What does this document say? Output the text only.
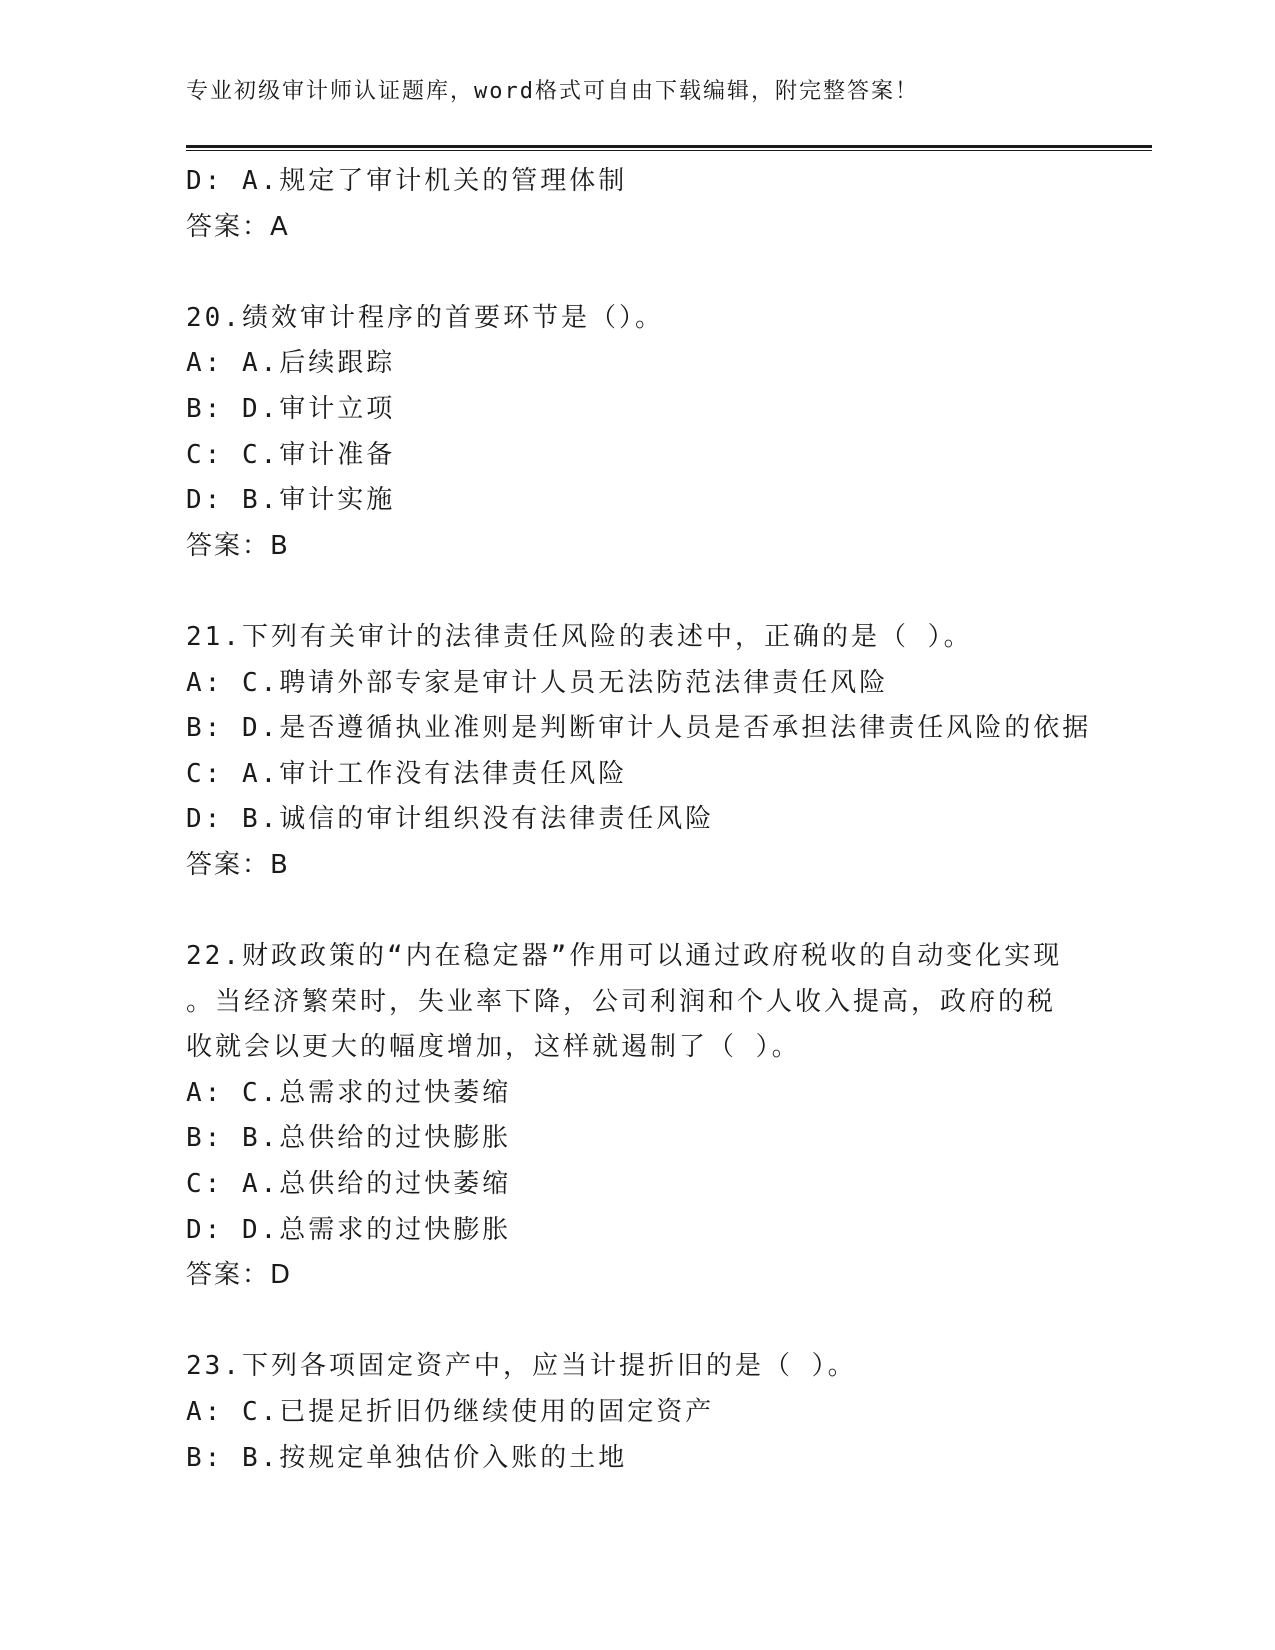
专业初级审计师认证题库，word格式可自由下载编辑，附完整答案！
D: A.规定了审计机关的管理体制
答案：A
20.绩效审计程序的首要环节是（）。
A: A.后续跟踪
B: D.审计立项
C: C.审计准备
D: B.审计实施
答案：B
21.下列有关审计的法律责任风险的表述中，正确的是（ ）。
A: C.聘请外部专家是审计人员无法防范法律责任风险
B: D.是否遵循执业准则是判断审计人员是否承担法律责任风险的依据
C: A.审计工作没有法律责任风险
D: B.诚信的审计组织没有法律责任风险
答案：B
22.财政政策的“内在稳定器”作用可以通过政府税收的自动变化实现
。当经济繁荣时，失业率下降，公司利润和个人收入提高，政府的税
收就会以更大的幅度增加，这样就遏制了（ ）。
A: C.总需求的过快萎缩
B: B.总供给的过快膨胀
C: A.总供给的过快萎缩
D: D.总需求的过快膨胀
答案：D
23.下列各项固定资产中，应当计提折旧的是（ ）。
A: C.已提足折旧仍继续使用的固定资产
B: B.按规定单独估价入账的土地
